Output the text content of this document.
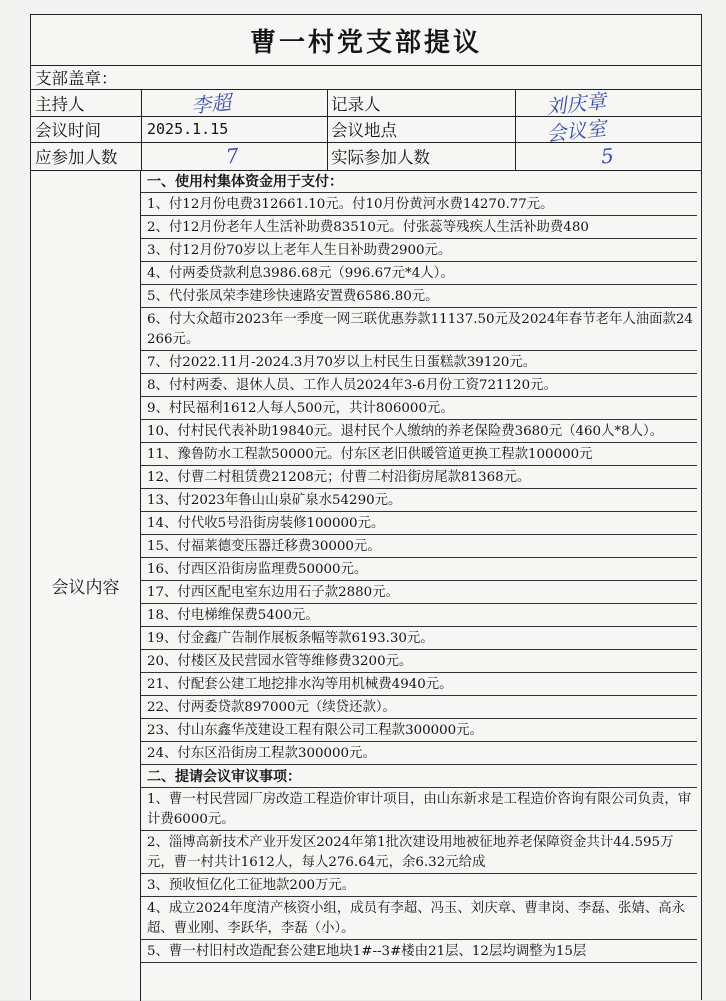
曹一村党支部提议
支部盖章：
主持人	李超	记录人	刘庆章
会议时间	2025.1.15	会议地点	会议室
应参加人数	7	实际参加人数	5
会议内容
一、使用村集体资金用于支付：
1、付12月份电费312661.10元。付10月份黄河水费14270.77元。
2、付12月份老年人生活补助费83510元。付张蕊等残疾人生活补助费480
3、付12月份70岁以上老年人生日补助费2900元。
4、付两委贷款利息3986.68元（996.67元*4人）。
5、代付张凤荣李建珍快速路安置费6586.80元。
6、付大众超市2023年一季度一网三联优惠券款11137.50元及2024年春节老年人油面款24266元。
7、付2022.11月-2024.3月70岁以上村民生日蛋糕款39120元。
8、付村两委、退休人员、工作人员2024年3-6月份工资721120元。
9、村民福利1612人每人500元，共计806000元。
10、付村民代表补助19840元。退村民个人缴纳的养老保险费3680元（460人*8人）。
11、豫鲁防水工程款50000元。付东区老旧供暖管道更换工程款100000元
12、付曹二村租赁费21208元；付曹二村沿街房尾款81368元。
13、付2023年鲁山山泉矿泉水54290元。
14、付代收5号沿街房装修100000元。
15、付福莱德变压器迁移费30000元。
16、付西区沿街房监理费50000元。
17、付西区配电室东边用石子款2880元。
18、付电梯维保费5400元。
19、付金鑫广告制作展板条幅等款6193.30元。
20、付楼区及民营园水管等维修费3200元。
21、付配套公建工地挖排水沟等用机械费4940元。
22、付两委贷款897000元（续贷还款）。
23、付山东鑫华茂建设工程有限公司工程款300000元。
24、付东区沿街房工程款300000元。
二、提请会议审议事项：
1、曹一村民营园厂房改造工程造价审计项目，由山东新求是工程造价咨询有限公司负责，审计费6000元。
2、淄博高新技术产业开发区2024年第1批次建设用地被征地养老保障资金共计44.595万元，曹一村共计1612人，每人276.64元，余6.32元给成
3、预收恒亿化工征地款200万元。
4、成立2024年度清产核资小组，成员有李超、冯玉、刘庆章、曹聿岗、李磊、张婧、高永超、曹业刚、李跃华，李磊（小）。
5、曹一村旧村改造配套公建E地块1#--3#楼由21层、12层均调整为15层
